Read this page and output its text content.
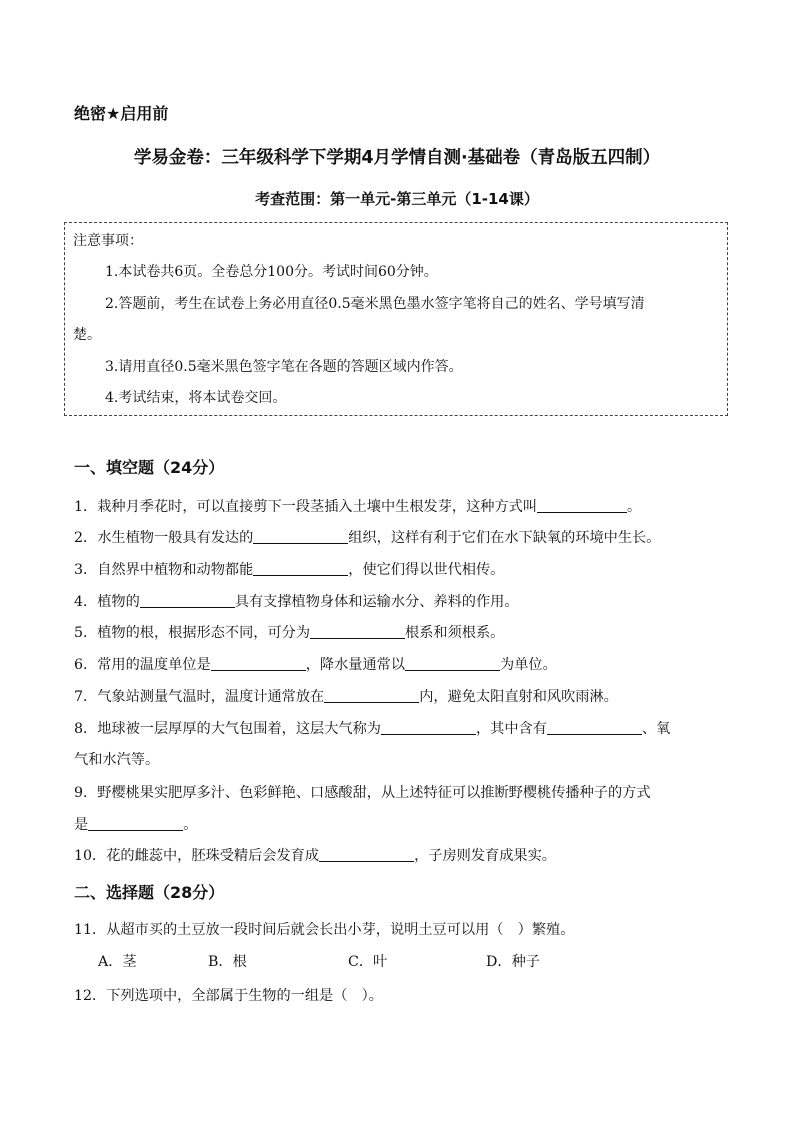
绝密★启用前
学易金卷：三年级科学下学期4月学情自测·基础卷（青岛版五四制）
考查范围：第一单元-第三单元（1-14课）
注意事项：
1.本试卷共6页。全卷总分100分。考试时间60分钟。
2.答题前，考生在试卷上务必用直径0.5毫米黑色墨水签字笔将自己的姓名、学号填写清
楚。
3.请用直径0.5毫米黑色签字笔在各题的答题区域内作答。
4.考试结束，将本试卷交回。
一、填空题（24分）
1．栽种月季花时，可以直接剪下一段茎插入土壤中生根发芽，这种方式叫	。
2．水生植物一般具有发达的	组织，这样有利于它们在水下缺氧的环境中生长。
3．自然界中植物和动物都能	，使它们得以世代相传。
4．植物的	具有支撑植物身体和运输水分、养料的作用。
5．植物的根，根据形态不同，可分为	根系和须根系。
6．常用的温度单位是	，降水量通常以	为单位。
7．气象站测量气温时，温度计通常放在	内，避免太阳直射和风吹雨淋。
8．地球被一层厚厚的大气包围着，这层大气称为	，其中含有	、氧
气和水汽等。
9．野樱桃果实肥厚多汁、色彩鲜艳、口感酸甜，从上述特征可以推断野樱桃传播种子的方式
是	。
10．花的雌蕊中，胚珠受精后会发育成	，子房则发育成果实。
二、选择题（28分）
11．从超市买的土豆放一段时间后就会长出小芽，说明土豆可以用（　）繁殖。
A．茎	B．根	C．叶	D．种子
12．下列选项中，全部属于生物的一组是（　）。
